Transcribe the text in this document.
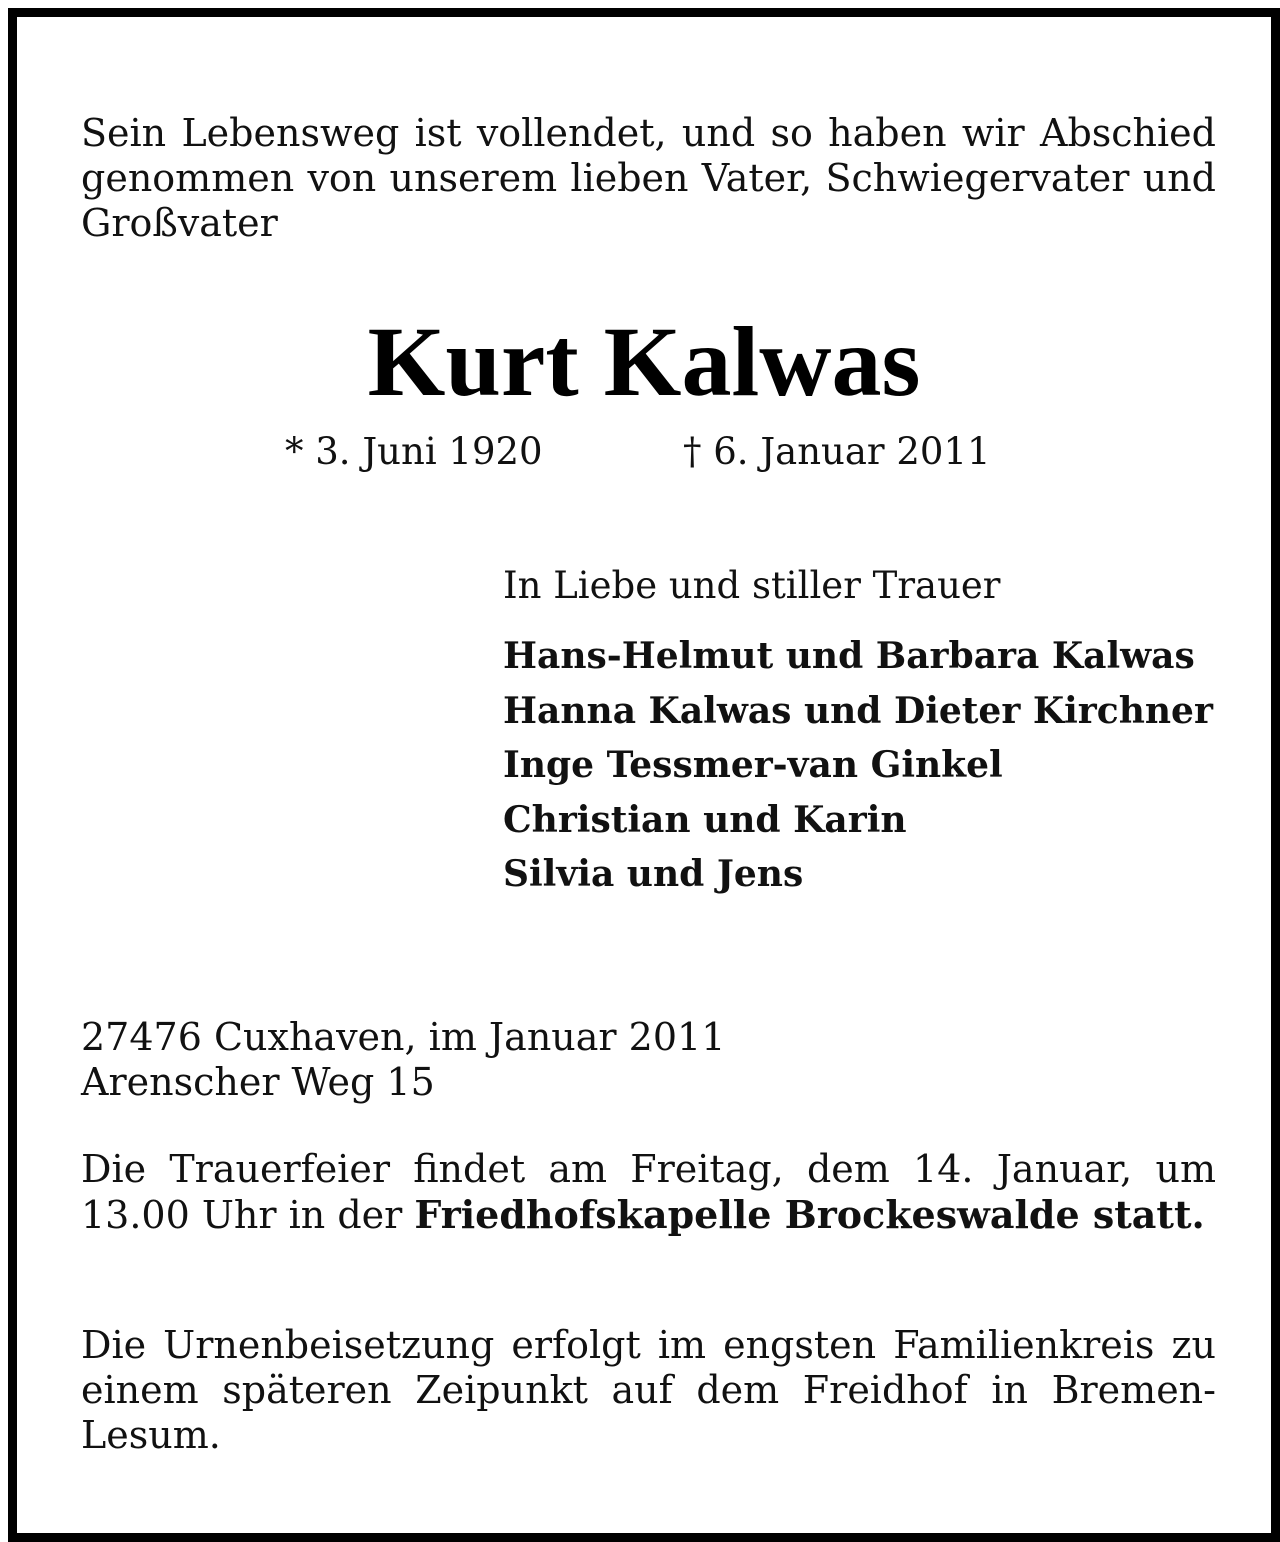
Sein Lebensweg ist vollendet, und so haben wir Abschied genommen von unserem lieben Vater, Schwiegervater und Großvater
Kurt Kalwas
* 3. Juni 1920	† 6. Januar 2011
In Liebe und stiller Trauer
Hans-Helmut und Barbara Kalwas
Hanna Kalwas und Dieter Kirchner
Inge Tessmer-van Ginkel
Christian und Karin
Silvia und Jens
27476 Cuxhaven, im Januar 2011
Arenscher Weg 15
Die Trauerfeier findet am Freitag, dem 14. Januar, um 13.00 Uhr in der Friedhofskapelle Brockeswalde statt.
Die Urnenbeisetzung erfolgt im engsten Familienkreis zu einem späteren Zeipunkt auf dem Freidhof in Bremen-Lesum.
